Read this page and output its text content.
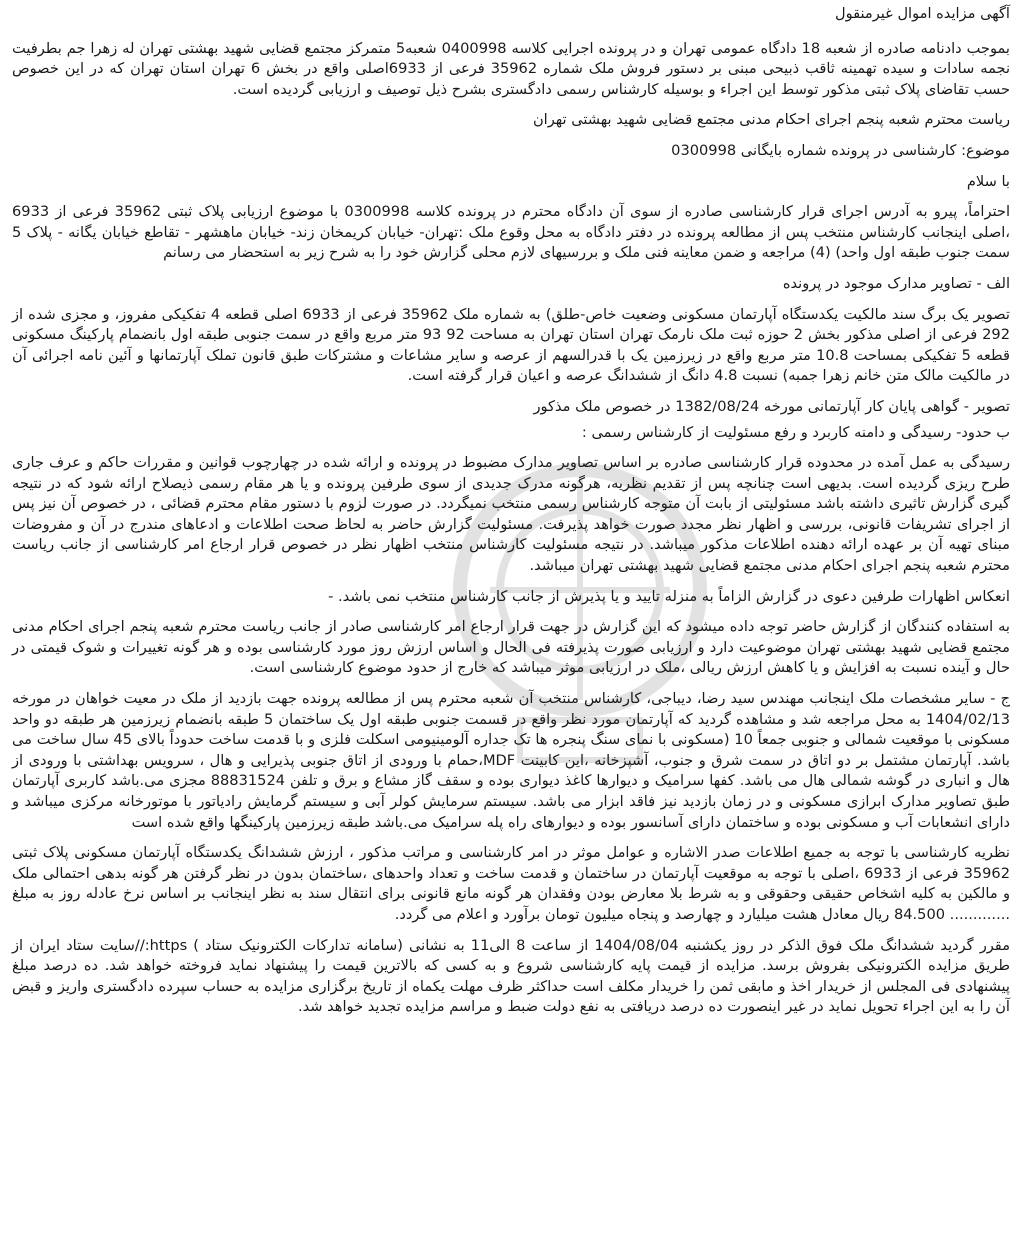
آگهی مزایده اموال غیرمنقول

بموجب دادنامه صادره از شعبه 18 دادگاه عمومی تهران و در پرونده اجرایی کلاسه 0400998 شعبه5 متمرکز مجتمع قضایی شهید بهشتی تهران له زهرا جم بطرفیت نجمه سادات و سیده تهمینه ثاقب ذبیحی مبنی بر دستور فروش ملک شماره 35962 فرعی از 6933اصلی واقع در بخش 6 تهران استان تهران که در این خصوص حسب تقاضای پلاک ثبتی مذکور توسط این اجراء و بوسیله کارشناس رسمی دادگستری بشرح ذیل توصیف و ارزیابی گردیده است.

ریاست محترم شعبه پنجم اجرای احکام مدنی مجتمع قضایی شهید بهشتی تهران

موضوع: کارشناسی در پرونده شماره بایگانی 0300998

با سلام

احتراماً، پیرو به آدرس اجرای قرار کارشناسی صادره از سوی آن دادگاه محترم در پرونده کلاسه 0300998 با موضوع ارزیابی پلاک ثبتی 35962 فرعی از 6933 ،اصلی اینجانب کارشناس منتخب پس از مطالعه پرونده در دفتر دادگاه به محل وقوع ملک :تهران- خیابان کریمخان زند- خیابان ماهشهر - تقاطع خیابان یگانه - پلاک 5 سمت جنوب طبقه اول واحد) (4) مراجعه و ضمن معاینه فنی ملک و بررسیهای لازم محلی گزارش خود را به شرح زیر به استحضار می رسانم

الف - تصاویر مدارک موجود در پرونده

تصویر یک برگ سند مالکیت یکدستگاه آپارتمان مسکونی وضعیت خاص-طلق) به شماره ملک 35962 فرعی از 6933 اصلی قطعه 4 تفکیکی مفروز، و مجزی شده از 292 فرعی از اصلی مذکور بخش 2 حوزه ثبت ملک نارمک تهران استان تهران به مساحت 92 93 متر مربع واقع در سمت جنوبی طبقه اول بانضمام پارکینگ مسکونی قطعه 5 تفکیکی بمساحت 10.8 متر مربع واقع در زیرزمین یک با قدرالسهم از عرصه و سایر مشاعات و مشترکات طبق قانون تملک آپارتمانها و آئین نامه اجرائی آن در مالکیت مالک متن خانم زهرا جمبه) نسبت 4.8 دانگ از ششدانگ عرصه و اعیان قرار گرفته است.

تصویر - گواهی پایان کار آپارتمانی مورخه 1382/08/24 در خصوص ملک مذکور

ب حدود- رسیدگی و دامنه کاربرد و رفع مسئولیت از کارشناس رسمی :

رسیدگی به عمل آمده در محدوده قرار کارشناسی صادره بر اساس تصاویر مدارک مضبوط در پرونده و ارائه شده در چهارچوب قوانین و مقررات حاکم و عرف جاری طرح ریزی گردیده است. بدیهی است چنانچه پس از تقدیم نظریه، هرگونه مدرک جدیدی از سوی طرفین پرونده و یا هر مقام رسمی ذیصلاح ارائه شود که در نتیجه گیری گزارش تاثیری داشته باشد مسئولیتی از بابت آن متوجه کارشناس رسمی منتخب نمیگردد. در صورت لزوم با دستور مقام محترم قضائی ، در خصوص آن نیز پس از اجرای تشریفات قانونی، بررسی و اظهار نظر مجدد صورت خواهد پذیرفت. مسئولیت گزارش حاضر به لحاظ صحت اطلاعات و ادعاهای مندرج در آن و مفروضات مبنای تهیه آن بر عهده ارائه دهنده اطلاعات مذکور میباشد. در نتیجه مسئولیت کارشناس منتخب اظهار نظر در خصوص قرار ارجاع امر کارشناسی از جانب ریاست محترم شعبه پنجم اجرای احکام مدنی مجتمع قضایی شهید بهشتی تهران میباشد.

انعکاس اظهارات طرفین دعوی در گزارش الزاماً به منزله تایید و یا پذیرش از جانب کارشناس منتخب نمی باشد. -

به استفاده کنندگان از گزارش حاضر توجه داده میشود که این گزارش در جهت قرار ارجاع امر کارشناسی صادر از جانب ریاست محترم شعبه پنجم اجرای احکام مدنی مجتمع قضایی شهید بهشتی تهران موضوعیت دارد و ارزیابی صورت پذیرفته فی الحال و اساس ارزش روز مورد کارشناسی بوده و هر گونه تغییرات و شوک قیمتی در حال و آینده نسبت به افزایش و یا کاهش ارزش ریالی ،ملک در ارزیابی موثر میباشد که خارج از حدود موضوع کارشناسی است.

ج - سایر مشخصات ملک اینجانب مهندس سید رضا، دیباجی، کارشناس منتخب آن شعبه محترم پس از مطالعه پرونده جهت بازدید از ملک در معیت خواهان در مورخه 1404/02/13 به محل مراجعه شد و مشاهده گردید که آپارتمان مورد نظر واقع در قسمت جنوبی طبقه اول یک ساختمان 5 طبقه بانضمام زیرزمین هر طبقه دو واحد مسکونی با موقعیت شمالی و جنوبی جمعاً 10 (مسکونی با نمای سنگ پنجره ها تک جداره آلومینیومی اسکلت فلزی و با قدمت ساخت حدوداً بالای 45 سال ساخت می باشد. آپارتمان مشتمل بر دو اتاق در سمت شرق و جنوب، آشپزخانه ،این کابینت MDF،حمام با ورودی از اتاق جنوبی پذیرایی و هال ، سرویس بهداشتی با ورودی از هال و انباری در گوشه شمالی هال می باشد. کفها سرامیک و دیوارها کاغذ دیواری بوده و سقف گاز مشاع و برق و تلفن 88831524 مجزی می.باشد کاربری آپارتمان طبق تصاویر مدارک ابرازی مسکونی و در زمان بازدید نیز فاقد ابزار می باشد. سیستم سرمایش کولر آبی و سیستم گرمایش رادیاتور با موتورخانه مرکزی میباشد و دارای انشعابات آب و مسکونی بوده و ساختمان دارای آسانسور بوده و دیوارهای راه پله سرامیک می.باشد طبقه زیرزمین پارکینگها واقع شده است

نظریه کارشناسی با توجه به جمیع اطلاعات صدر الاشاره و عوامل موثر در امر کارشناسی و مراتب مذکور ، ارزش ششدانگ یکدستگاه آپارتمان مسکونی پلاک ثبتی 35962 فرعی از 6933 ،اصلی با توجه به موقعیت آپارتمان در ساختمان و قدمت ساخت و تعداد واحدهای ،ساختمان بدون در نظر گرفتن هر گونه بدهی احتمالی ملک و مالکین به کلیه اشخاص حقیقی وحقوقی و به شرط بلا معارض بودن وفقدان هر گونه مانع قانونی برای انتقال سند به نظر اینجانب بر اساس نرخ عادله روز به مبلغ ............. 84.500 ریال معادل هشت میلیارد و چهارصد و پنجاه میلیون تومان برآورد و اعلام می گردد.

مقرر گردید ششدانگ ملک فوق الذکر در روز یکشنبه 1404/08/04 از ساعت 8 الی11 به نشانی (سامانه تدارکات الکترونیک ستاد ) https://سایت ستاد ایران از طریق مزایده الکترونیکی بفروش برسد. مزایده از قیمت پایه کارشناسی شروع و به کسی که بالاترین قیمت را پیشنهاد نماید فروخته خواهد شد. ده درصد مبلغ پیشنهادی فی المجلس از خریدار اخذ و مابقی ثمن را خریدار مکلف است حداکثر ظرف مهلت یکماه از تاریخ برگزاری مزایده به حساب سپرده دادگستری واریز و قبض آن را به این اجراء تحویل نماید در غیر اینصورت ده درصد دریافتی به نفع دولت ضبط و مراسم مزایده تجدید خواهد شد.
